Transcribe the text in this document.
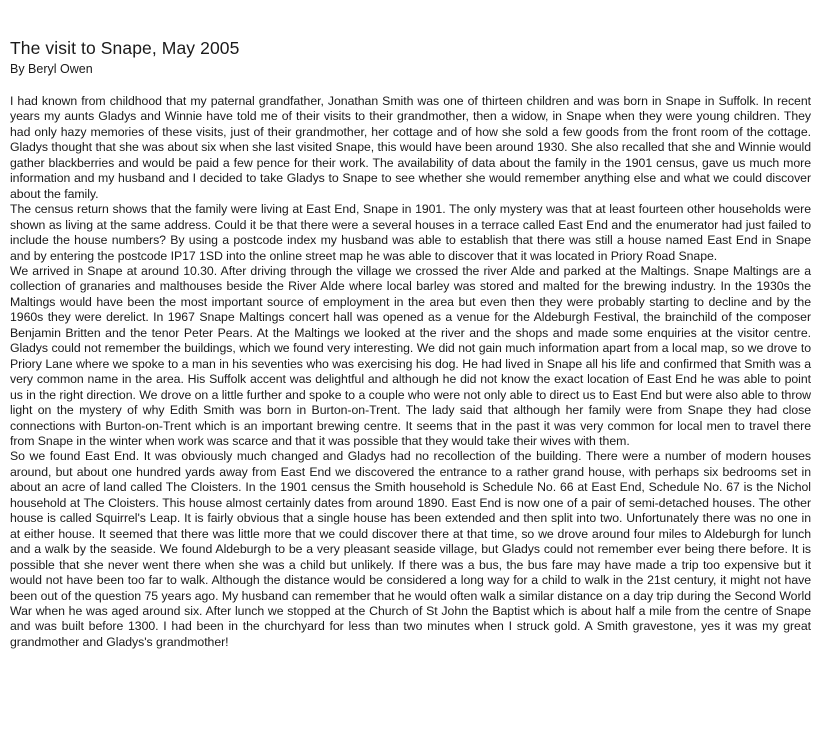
The visit to Snape, May 2005
By Beryl Owen

I had known from childhood that my paternal grandfather, Jonathan Smith was one of thirteen children and was born in Snape in Suffolk. In recent years my aunts Gladys and Winnie have told me of their visits to their grandmother, then a widow, in Snape when they were young children. They had only hazy memories of these visits, just of their grandmother, her cottage and of how she sold a few goods from the front room of the cottage. Gladys thought that she was about six when she last visited Snape, this would have been around 1930. She also recalled that she and Winnie would gather blackberries and would be paid a few pence for their work. The availability of data about the family in the 1901 census, gave us much more information and my husband and I decided to take Gladys to Snape to see whether she would remember anything else and what we could discover about the family.

The census return shows that the family were living at East End, Snape in 1901. The only mystery was that at least fourteen other households were shown as living at the same address. Could it be that there were a several houses in a terrace called East End and the enumerator had just failed to include the house numbers? By using a postcode index my husband was able to establish that there was still a house named East End in Snape and by entering the postcode IP17 1SD into the online street map he was able to discover that it was located in Priory Road Snape.

We arrived in Snape at around 10.30. After driving through the village we crossed the river Alde and parked at the Maltings. Snape Maltings are a collection of granaries and malthouses beside the River Alde where local barley was stored and malted for the brewing industry. In the 1930s the Maltings would have been the most important source of employment in the area but even then they were probably starting to decline and by the 1960s they were derelict. In 1967 Snape Maltings concert hall was opened as a venue for the Aldeburgh Festival, the brainchild of the composer Benjamin Britten and the tenor Peter Pears. At the Maltings we looked at the river and the shops and made some enquiries at the visitor centre. Gladys could not remember the buildings, which we found very interesting. We did not gain much information apart from a local map, so we drove to Priory Lane where we spoke to a man in his seventies who was exercising his dog. He had lived in Snape all his life and confirmed that Smith was a very common name in the area. His Suffolk accent was delightful and although he did not know the exact location of East End he was able to point us in the right direction. We drove on a little further and spoke to a couple who were not only able to direct us to East End but were also able to throw light on the mystery of why Edith Smith was born in Burton-on-Trent. The lady said that although her family were from Snape they had close connections with Burton-on-Trent which is an important brewing centre. It seems that in the past it was very common for local men to travel there from Snape in the winter when work was scarce and that it was possible that they would take their wives with them.

So we found East End. It was obviously much changed and Gladys had no recollection of the building. There were a number of modern houses around, but about one hundred yards away from East End we discovered the entrance to a rather grand house, with perhaps six bedrooms set in about an acre of land called The Cloisters. In the 1901 census the Smith household is Schedule No. 66 at East End, Schedule No. 67 is the Nichol household at The Cloisters. This house almost certainly dates from around 1890. East End is now one of a pair of semi-detached houses. The other house is called Squirrel's Leap. It is fairly obvious that a single house has been extended and then split into two. Unfortunately there was no one in at either house. It seemed that there was little more that we could discover there at that time, so we drove around four miles to Aldeburgh for lunch and a walk by the seaside. We found Aldeburgh to be a very pleasant seaside village, but Gladys could not remember ever being there before. It is possible that she never went there when she was a child but unlikely. If there was a bus, the bus fare may have made a trip too expensive but it would not have been too far to walk. Although the distance would be considered a long way for a child to walk in the 21st century, it might not have been out of the question 75 years ago. My husband can remember that he would often walk a similar distance on a day trip during the Second World War when he was aged around six. After lunch we stopped at the Church of St John the Baptist which is about half a mile from the centre of Snape and was built before 1300. I had been in the churchyard for less than two minutes when I struck gold. A Smith gravestone, yes it was my great grandmother and Gladys's grandmother!
